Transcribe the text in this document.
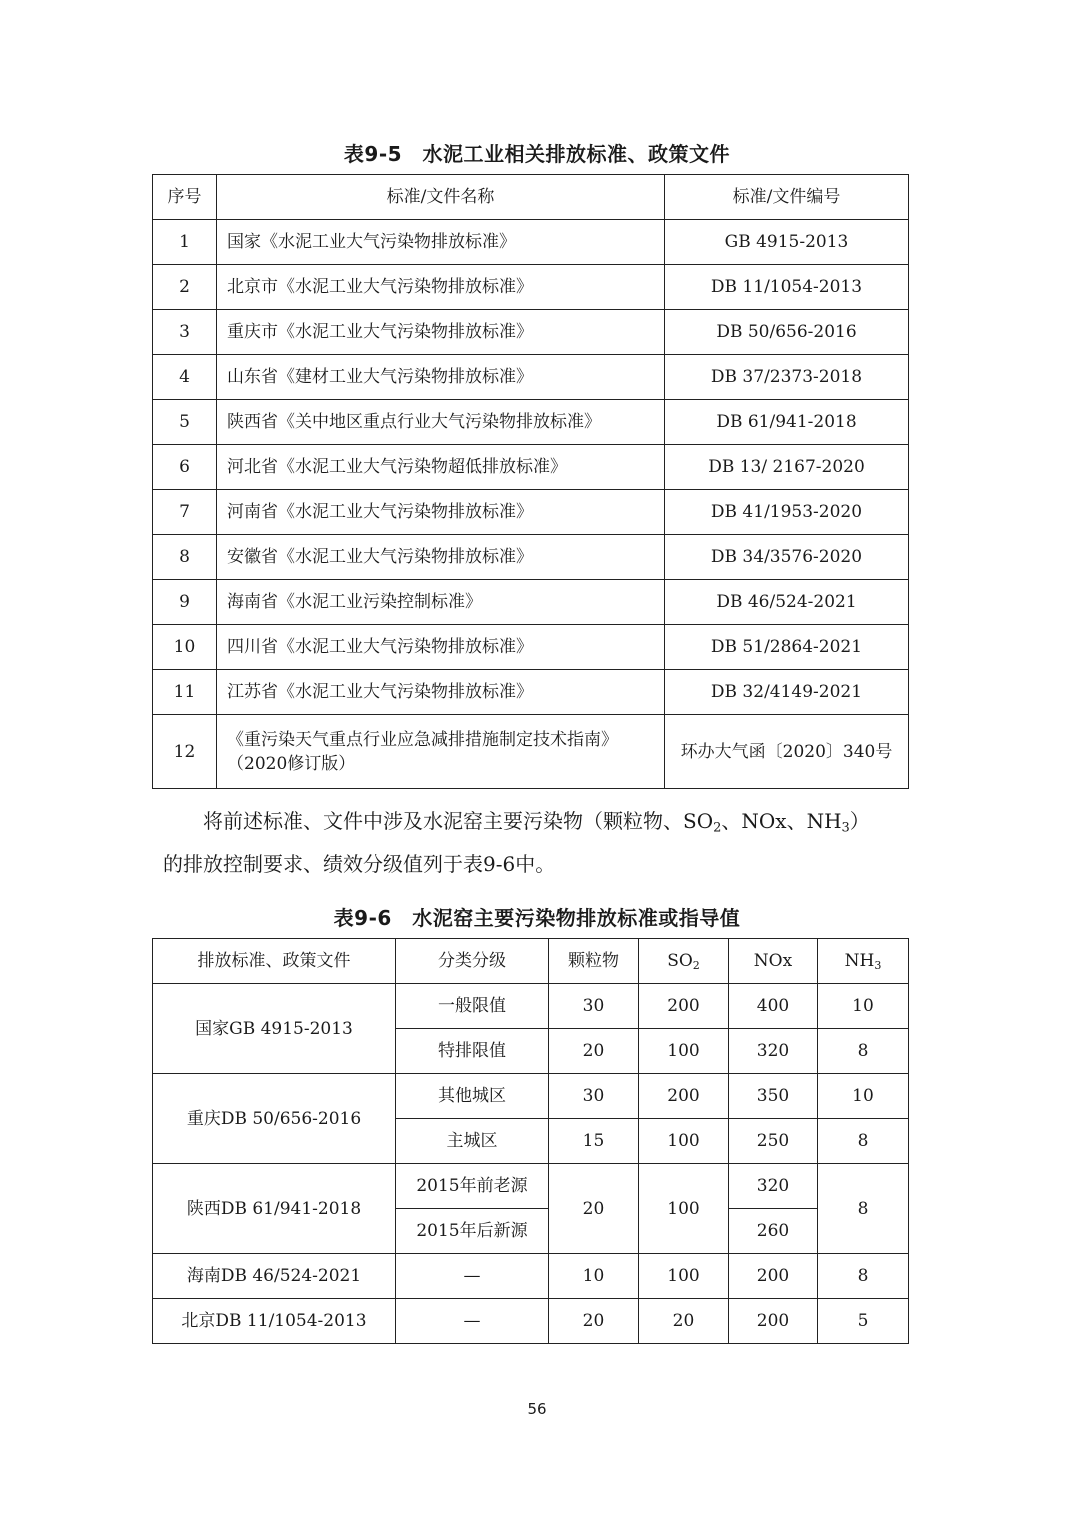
表9-5　水泥工业相关排放标准、政策文件
序号	标准/文件名称	标准/文件编号
1	国家《水泥工业大气污染物排放标准》	GB 4915-2013
2	北京市《水泥工业大气污染物排放标准》	DB 11/1054-2013
3	重庆市《水泥工业大气污染物排放标准》	DB 50/656-2016
4	山东省《建材工业大气污染物排放标准》	DB 37/2373-2018
5	陕西省《关中地区重点行业大气污染物排放标准》	DB 61/941-2018
6	河北省《水泥工业大气污染物超低排放标准》	DB 13/ 2167-2020
7	河南省《水泥工业大气污染物排放标准》	DB 41/1953-2020
8	安徽省《水泥工业大气污染物排放标准》	DB 34/3576-2020
9	海南省《水泥工业污染控制标准》	DB 46/524-2021
10	四川省《水泥工业大气污染物排放标准》	DB 51/2864-2021
11	江苏省《水泥工业大气污染物排放标准》	DB 32/4149-2021
12	《重污染天气重点行业应急减排措施制定技术指南》
（2020修订版）	环办大气函〔2020〕340号
将前述标准、文件中涉及水泥窑主要污染物（颗粒物、$SO_2$、NOx、$NH_3$）
的排放控制要求、绩效分级值列于表9-6中。
表9-6　水泥窑主要污染物排放标准或指导值
排放标准、政策文件	分类分级	颗粒物	$SO_2$	NOx	$NH_3$
国家GB 4915-2013	一般限值	30	200	400	10
	特排限值	20	100	320	8
重庆DB 50/656-2016	其他城区	30	200	350	10
	主城区	15	100	250	8
陕西DB 61/941-2018	2015年前老源	20	100	320	8
	2015年后新源			260	
海南DB 46/524-2021	—	10	100	200	8
北京DB 11/1054-2013	—	20	20	200	5
56
